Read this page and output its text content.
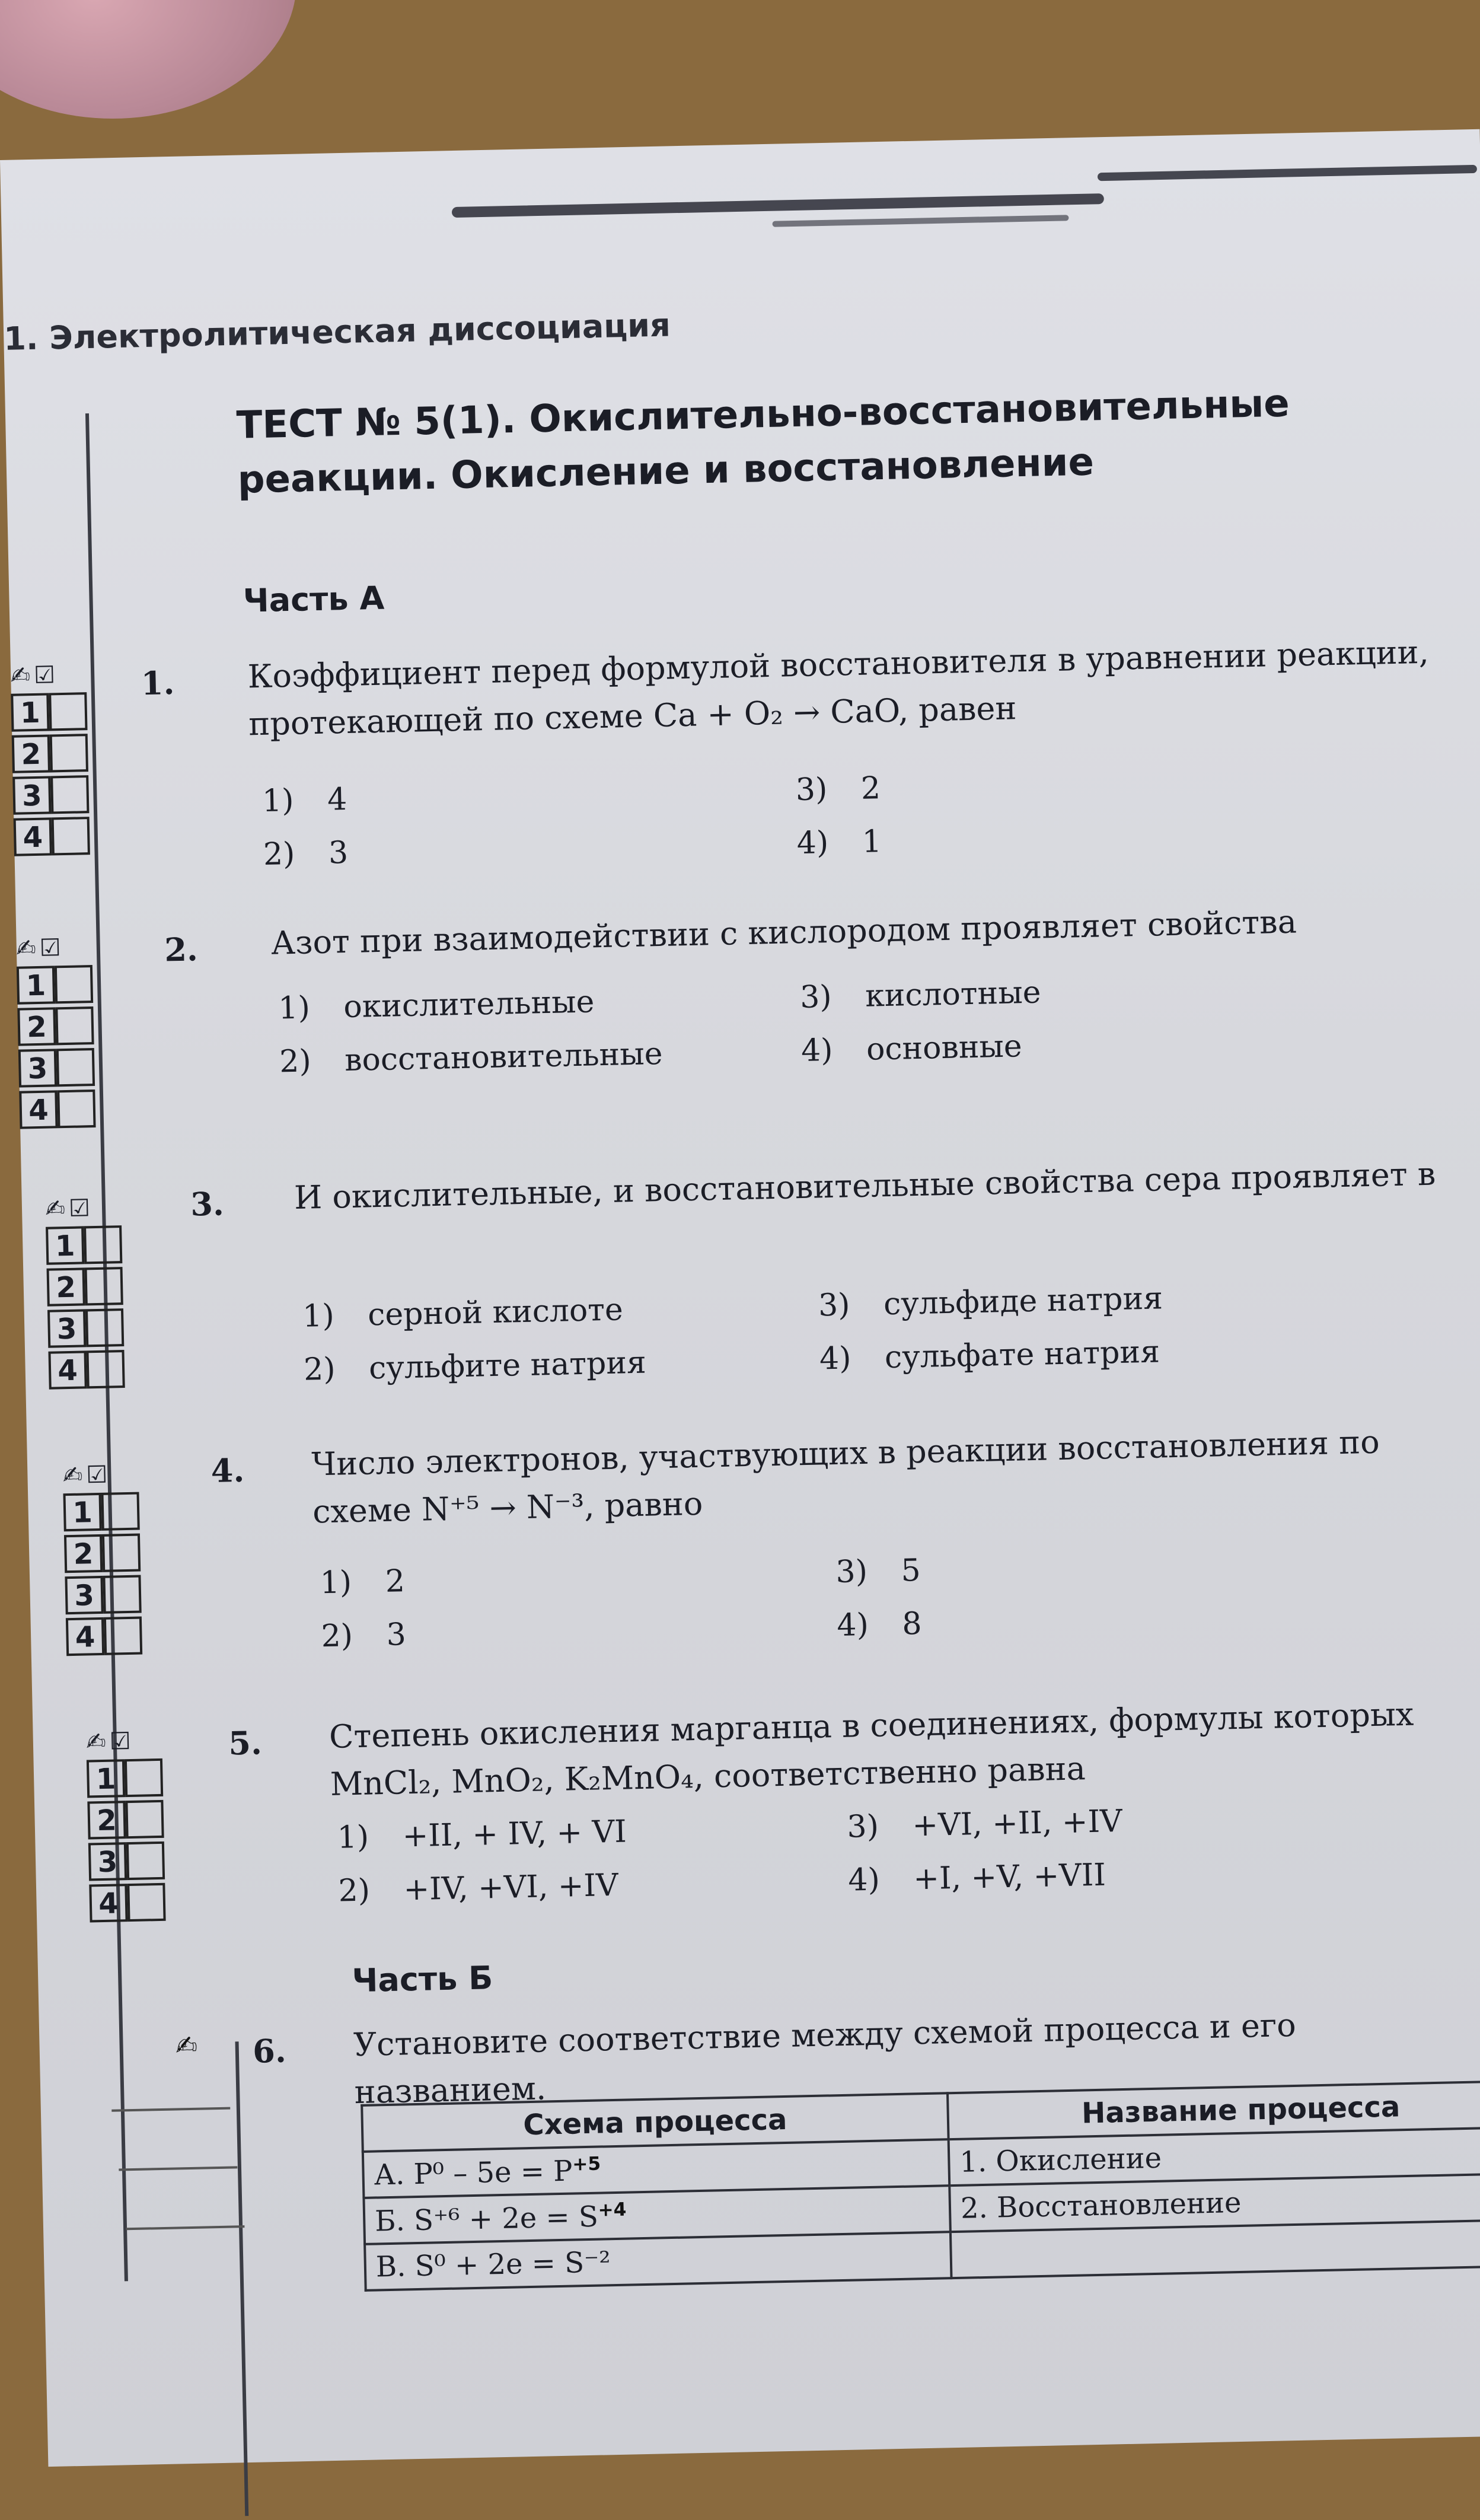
1. Электролитическая диссоциация
ТЕСТ № 5(1). Окислительно-восстановительные реакции. Окисление и восстановление
Часть А
✍☑
1
2
3
4
1. Коэффициент перед формулой восстановителя в уравнении реакции, протекающей по схеме Ca + O₂ → CaO, равен
1) 4
2) 3
3) 2
4) 1
✍☑
1
2
3
4
2. Азот при взаимодействии с кислородом проявляет свойства
1) окислительные
2) восстановительные
3) кислотные
4) основные
✍☑
1
2
3
4
3. И окислительные, и восстановительные свойства сера проявляет в
1) серной кислоте
2) сульфите натрия
3) сульфиде натрия
4) сульфате натрия
✍☑
1
2
3
4
4. Число электронов, участвующих в реакции восстановления по схеме N⁺⁵ → N⁻³, равно
1) 2
2) 3
3) 5
4) 8
✍☑
1
2
3
4
5. Степень окисления марганца в соединениях, формулы которых MnCl₂, MnO₂, K₂MnO₄, соответственно равна
1) +II, + IV, + VI
2) +IV, +VI, +IV
3) +VI, +II, +IV
4) +I, +V, +VII
Часть Б
✍ 6. Установите соответствие между схемой процесса и его названием.
Схема процесса	Название процесса
А. $P^0 - 5e = P^{+5}$	1. Окисление
Б. $S^{+6} + 2e = S^{+4}$	2. Восстановление
В. S⁰ + 2e = S⁻²	
